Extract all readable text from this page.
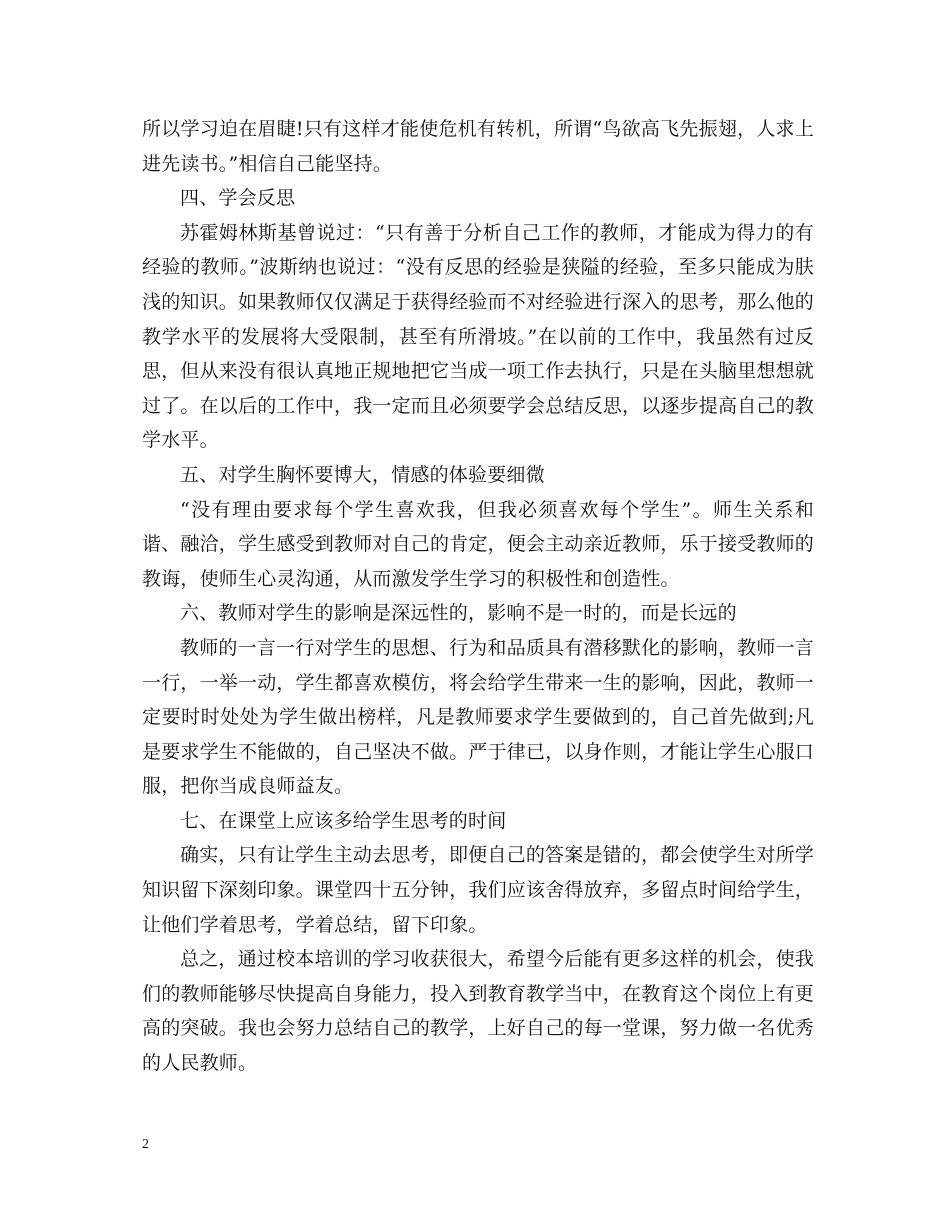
所以学习迫在眉睫!只有这样才能使危机有转机，所谓“鸟欲高飞先振翅，人求上进先读书。”相信自己能坚持。

四、学会反思

苏霍姆林斯基曾说过：“只有善于分析自己工作的教师，才能成为得力的有经验的教师。”波斯纳也说过：“没有反思的经验是狭隘的经验，至多只能成为肤浅的知识。如果教师仅仅满足于获得经验而不对经验进行深入的思考，那么他的教学水平的发展将大受限制，甚至有所滑坡。”在以前的工作中，我虽然有过反思，但从来没有很认真地正规地把它当成一项工作去执行，只是在头脑里想想就过了。在以后的工作中，我一定而且必须要学会总结反思，以逐步提高自己的教学水平。

五、对学生胸怀要博大，情感的体验要细微

“没有理由要求每个学生喜欢我，但我必须喜欢每个学生”。师生关系和谐、融洽，学生感受到教师对自己的肯定，便会主动亲近教师，乐于接受教师的教诲，使师生心灵沟通，从而激发学生学习的积极性和创造性。

六、教师对学生的影响是深远性的，影响不是一时的，而是长远的

教师的一言一行对学生的思想、行为和品质具有潜移默化的影响，教师一言一行，一举一动，学生都喜欢模仿，将会给学生带来一生的影响，因此，教师一定要时时处处为学生做出榜样，凡是教师要求学生要做到的，自己首先做到;凡是要求学生不能做的，自己坚决不做。严于律已，以身作则，才能让学生心服口服，把你当成良师益友。

七、在课堂上应该多给学生思考的时间

确实，只有让学生主动去思考，即便自己的答案是错的，都会使学生对所学知识留下深刻印象。课堂四十五分钟，我们应该舍得放弃，多留点时间给学生，让他们学着思考，学着总结，留下印象。

总之，通过校本培训的学习收获很大，希望今后能有更多这样的机会，使我们的教师能够尽快提高自身能力，投入到教育教学当中，在教育这个岗位上有更高的突破。我也会努力总结自己的教学，上好自己的每一堂课，努力做一名优秀的人民教师。

2
